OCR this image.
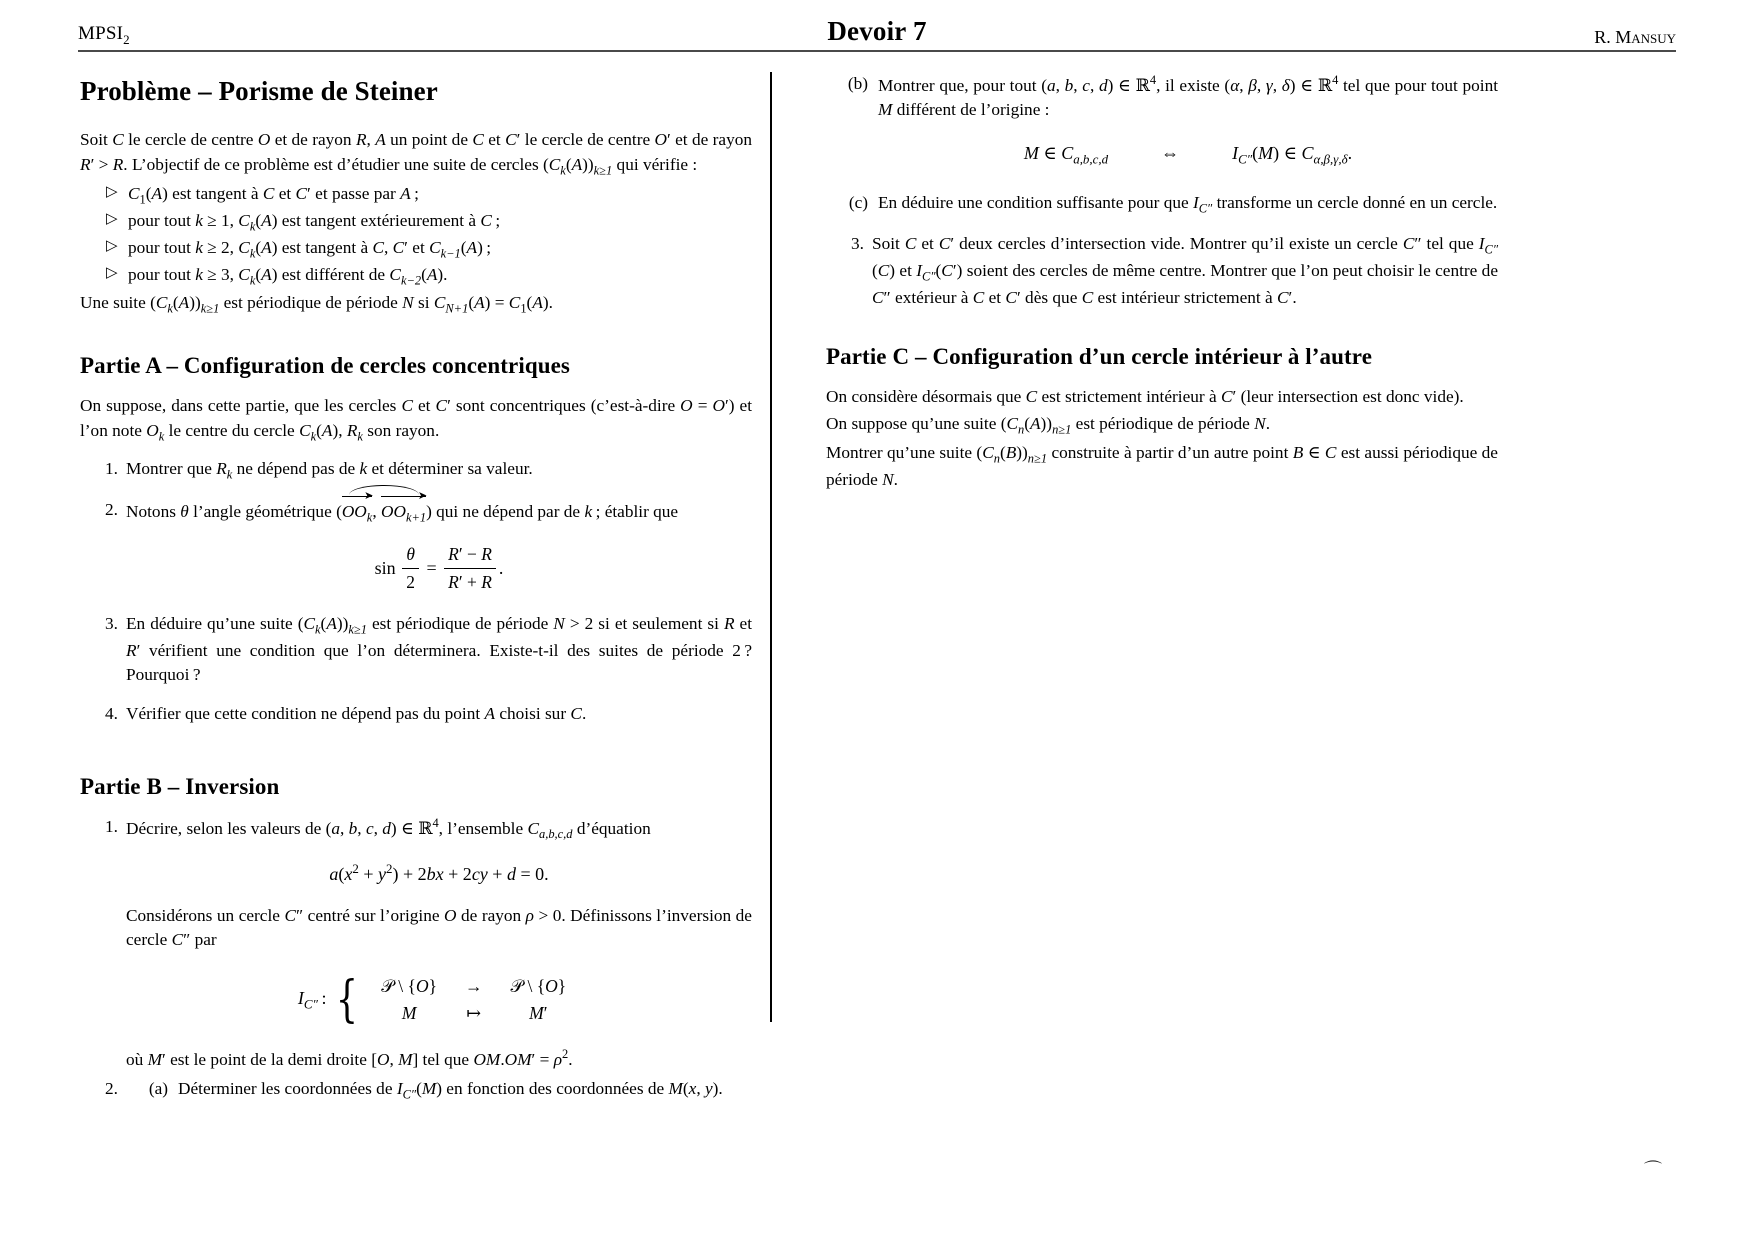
$MPSI_2$	Devoir 7	R. Mansuy
Problème – Porisme de Steiner

Soit C le cercle de centre O et de rayon R, A un point de C et C′ le cercle de centre O′ et de rayon R′ > R. L’objectif de ce problème est d’étudier une suite de cercles $(C_k(A))_{k\ge 1}$ qui vérifie :

▷ $C_1(A)$ est tangent à C et C′ et passe par A ;
▷ pour tout k ≥ 1, $C_k(A)$ est tangent extérieurement à C ;
▷ pour tout k ≥ 2, $C_k(A)$ est tangent à C, C′ et $C_{k-1}(A)$ ;
▷ pour tout k ≥ 3, $C_k(A)$ est différent de $C_{k-2}(A)$.

Une suite $(C_k(A))_{k\ge 1}$ est périodique de période N si $C_{N+1}(A) = C_1(A)$.

Partie A – Configuration de cercles concentriques

On suppose, dans cette partie, que les cercles C et C′ sont concentriques (c’est-à-dire O = O′) et l’on note $O_k$ le centre du cercle $C_k(A)$, $R_k$ son rayon.

1. Montrer que $R_k$ ne dépend pas de k et déterminer sa valeur.
2. Notons θ l’angle géométrique (
➤
$OO_k$,
➤
$OO_{k+1}$) qui ne dépend par de k ; établir que
$\sin \frac{\theta}{2} = \frac{R' - R}{R' + R}$ .
3. En déduire qu’une suite $(C_k(A))_{k\ge 1}$ est périodique de période N > 2 si et seulement si R et R′ vérifient une condition que l’on déterminera. Existe-t-il des suites de période 2 ? Pourquoi ?
4. Vérifier que cette condition ne dépend pas du point A choisi sur C.
Partie B – Inversion
1. Décrire, selon les valeurs de (a, b, c, d) ∈ ℝ$^4$, l’ensemble $C_{a,b,c,d}$ d’équation
$a(x^2 + y^2) + 2bx + 2cy + d = 0$.

Considérons un cercle C″ centré sur l’origine O de rayon ρ > 0. Définissons l’inversion de cercle C″ par

$I_{C''}$ : { 𝒫 \ {O}	→	𝒫 \ {O}
M	↦	M′

où M′ est le point de la demi droite [O, M] tel que $OM.OM' = \rho^2$.

2.	(a) Déterminer les coordonnées de $I_{C''}(M)$ en fonction des coordonnées de M(x, y).
(b) Montrer que, pour tout (a, b, c, d) ∈ ℝ$^4$, il existe (α, β, γ, δ) ∈ ℝ$^4$ tel que pour tout point M différent de l’origine :
M ∈ $C_{a,b,c,d}$	⇔	$I_{C''}(M)$ ∈ $C_{\alpha,\beta,\gamma,\delta}$.
(c) En déduire une condition suffisante pour que $I_{C''}$ transforme un cercle donné en un cercle.
3. Soit C et C′ deux cercles d’intersection vide. Montrer qu’il existe un cercle C″ tel que $I_{C''}(C)$ et $I_{C''}(C')$ soient des cercles de même centre. Montrer que l’on peut choisir le centre de C″ extérieur à C et C′ dès que C est intérieur strictement à C′.
Partie C – Configuration d’un cercle intérieur à l’autre

On considère désormais que C est strictement intérieur à C′ (leur intersection est donc vide).

On suppose qu’une suite $(C_n(A))_{n\ge 1}$ est périodique de période N.

Montrer qu’une suite $(C_n(B))_{n\ge 1}$ construite à partir d’un autre point B ∈ C est aussi périodique de période N.

⌒
